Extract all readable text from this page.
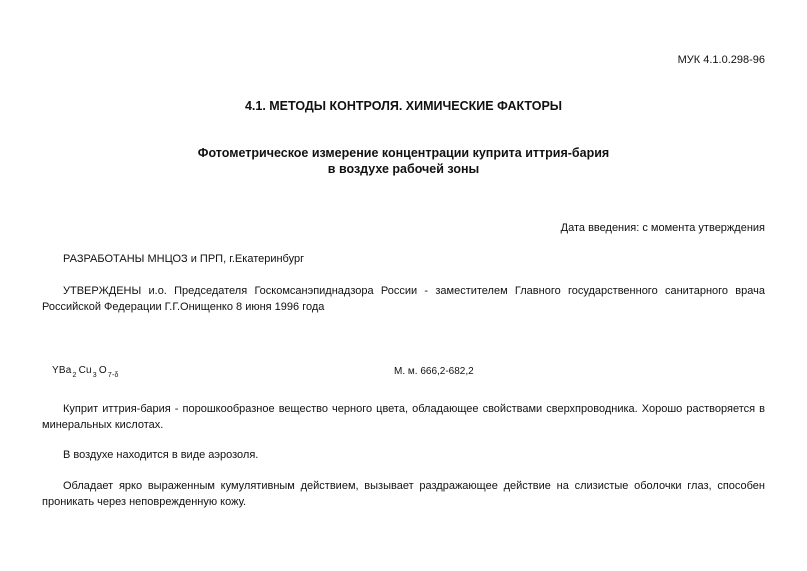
МУК 4.1.0.298-96
4.1. МЕТОДЫ КОНТРОЛЯ. ХИМИЧЕСКИЕ ФАКТОРЫ
Фотометрическое измерение концентрации куприта иттрия-бария
в воздухе рабочей зоны
Дата введения: с момента утверждения
РАЗРАБОТАНЫ МНЦОЗ и ПРП, г.Екатеринбург
УТВЕРЖДЕНЫ и.о. Председателя Госкомсанэпиднадзора России - заместителем Главного государственного санитарного врача Российской Федерации Г.Г.Онищенко 8 июня 1996 года
YBa$_2$ $Cu_3$ $O_{7-\delta}$	М. м. 666,2-682,2
Куприт иттрия-бария - порошкообразное вещество черного цвета, обладающее свойствами сверхпроводника. Хорошо растворяется в минеральных кислотах.
В воздухе находится в виде аэрозоля.
Обладает ярко выраженным кумулятивным действием, вызывает раздражающее действие на слизистые оболочки глаз, способен проникать через неповрежденную кожу.
